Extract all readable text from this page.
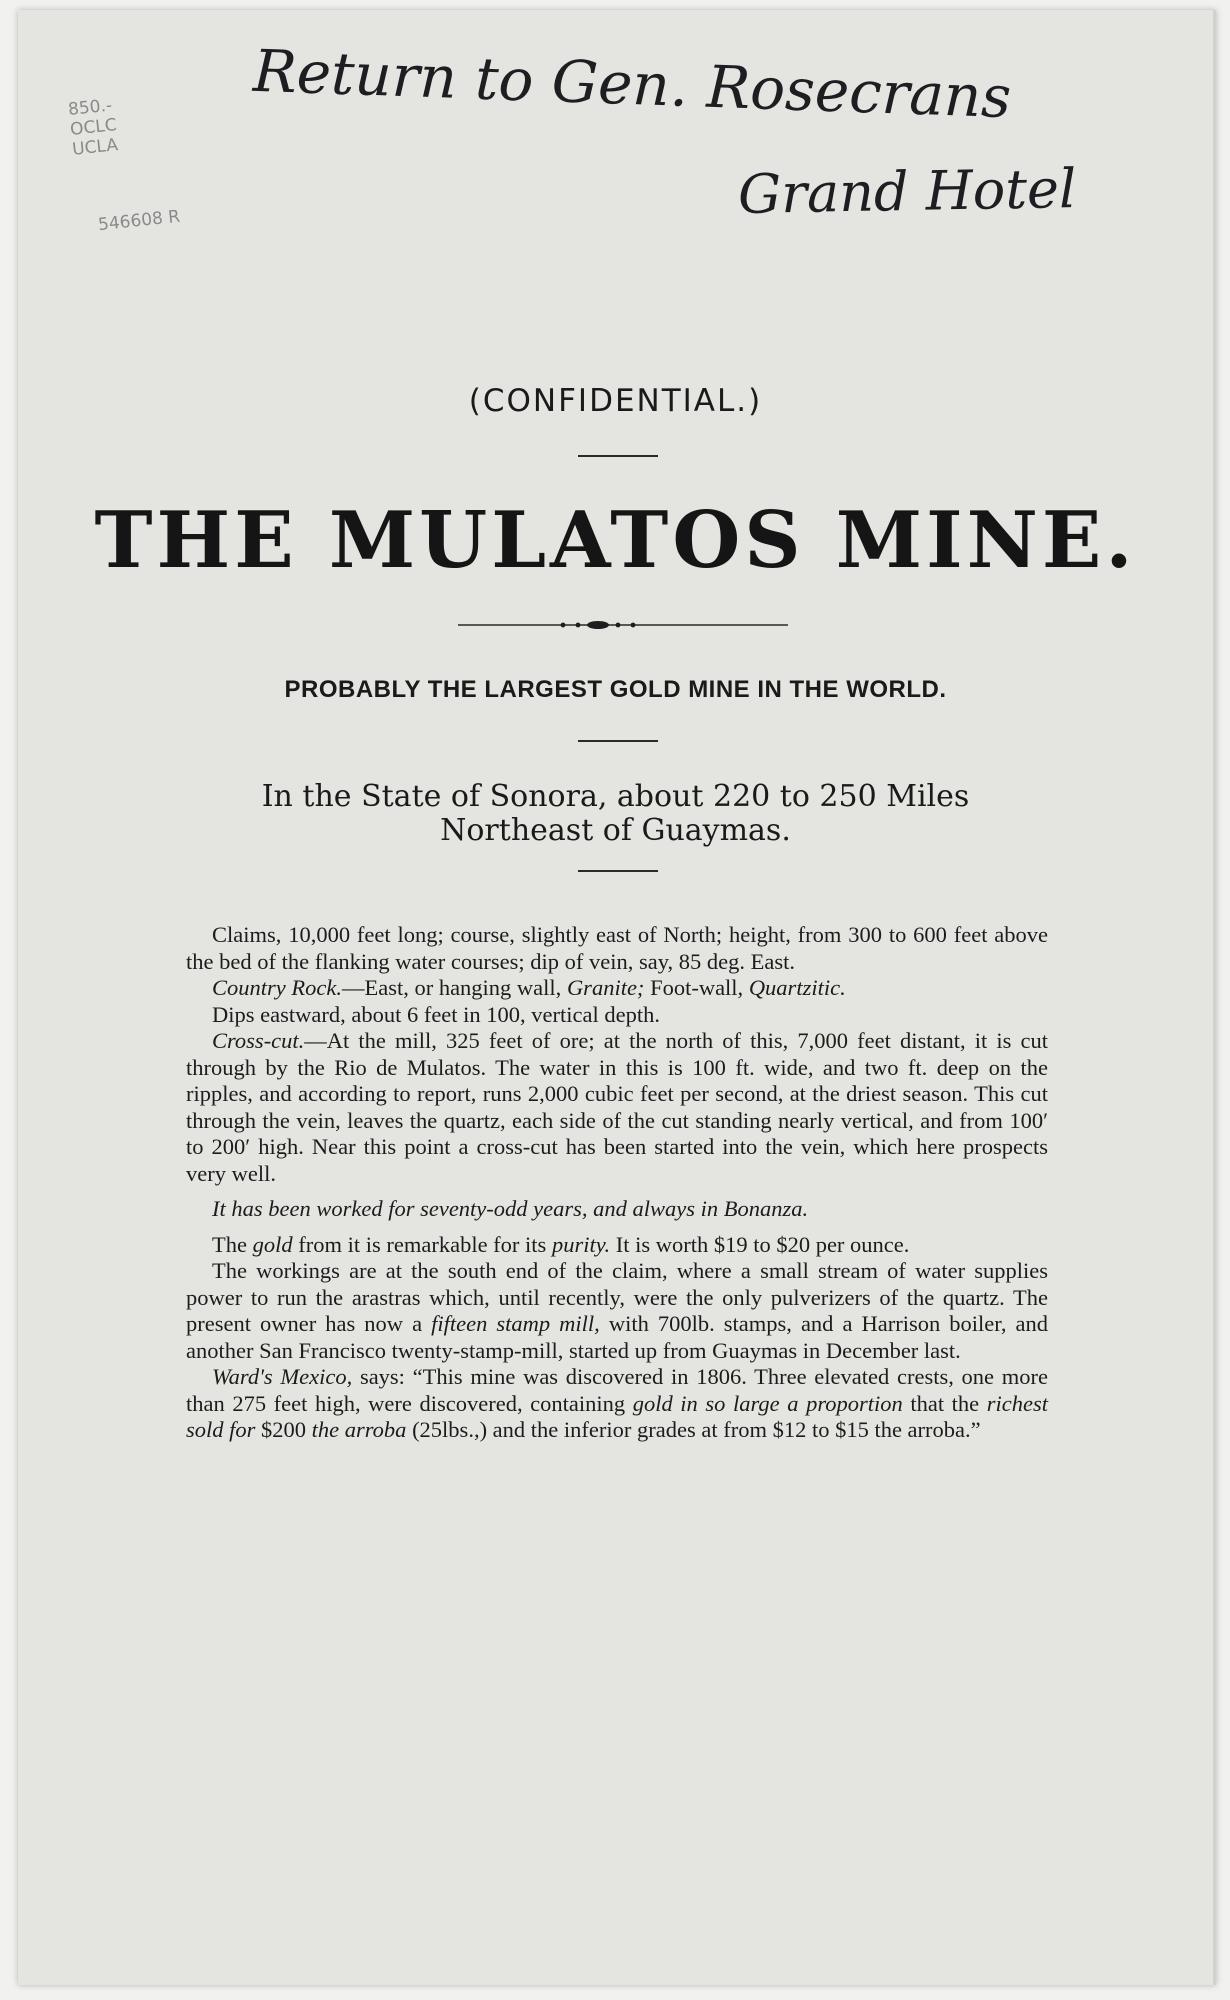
Return to Gen. Rosecrans
Grand Hotel
850.- OCLC UCLA
546608 R
(CONFIDENTIAL.)
THE MULATOS MINE.
PROBABLY THE LARGEST GOLD MINE IN THE WORLD.
In the State of Sonora, about 220 to 250 Miles
Northeast of Guaymas.

Claims, 10,000 feet long; course, slightly east of North; height, from 300 to 600 feet above the bed of the flanking water courses; dip of vein, say, 85 deg. East.

Country Rock.—East, or hanging wall, Granite; Foot-wall, Quartzitic.

Dips eastward, about 6 feet in 100, vertical depth.

Cross-cut.—At the mill, 325 feet of ore; at the north of this, 7,000 feet distant, it is cut through by the Rio de Mulatos. The water in this is 100 ft. wide, and two ft. deep on the ripples, and according to report, runs 2,000 cubic feet per second, at the driest season. This cut through the vein, leaves the quartz, each side of the cut standing nearly vertical, and from 100′ to 200′ high. Near this point a cross-cut has been started into the vein, which here prospects very well.

It has been worked for seventy-odd years, and always in Bonanza.

The gold from it is remarkable for its purity. It is worth $19 to $20 per ounce.

The workings are at the south end of the claim, where a small stream of water supplies power to run the arastras which, until recently, were the only pulverizers of the quartz. The present owner has now a fifteen stamp mill, with 700lb. stamps, and a Harrison boiler, and another San Francisco twenty-stamp-mill, started up from Guaymas in December last.

Ward's Mexico, says: “This mine was discovered in 1806. Three elevated crests, one more than 275 feet high, were discovered, containing gold in so large a proportion that the richest sold for $200 the arroba (25lbs.,) and the inferior grades at from $12 to $15 the arroba.”
